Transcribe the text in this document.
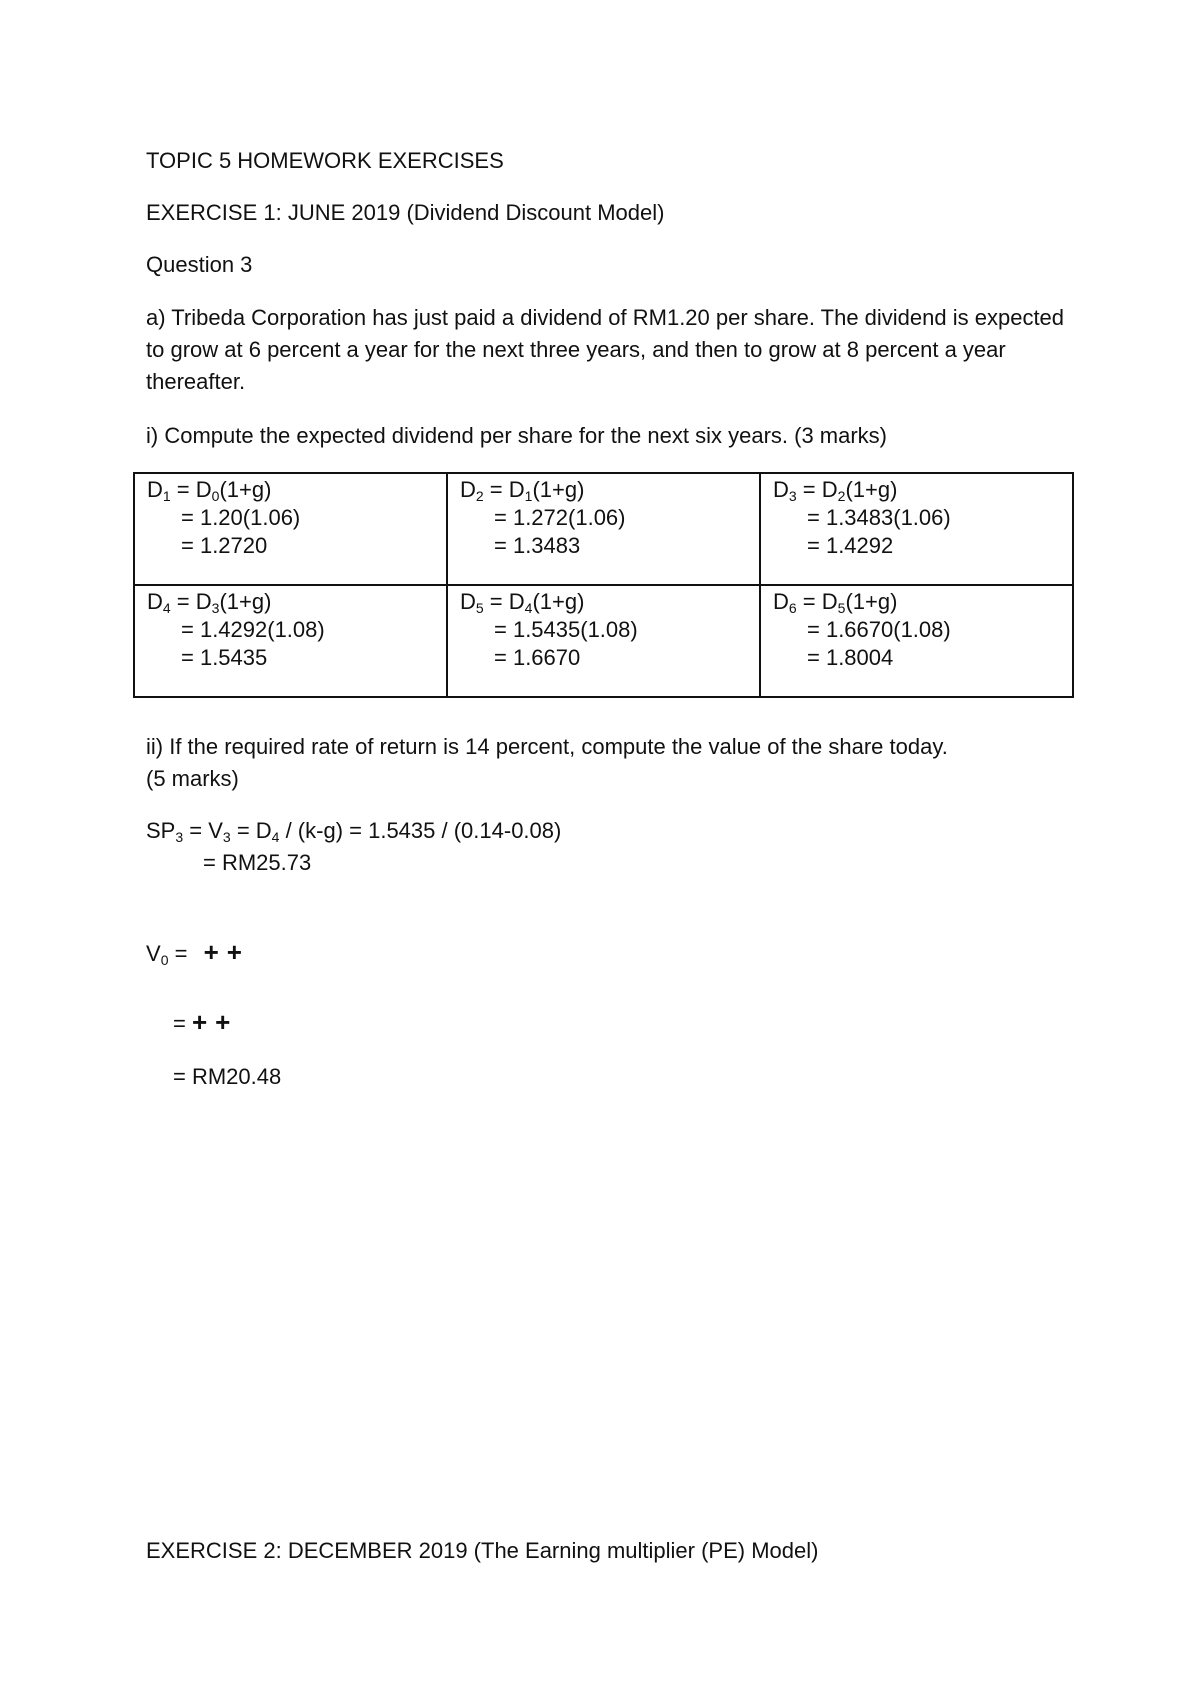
TOPIC 5 HOMEWORK EXERCISES
EXERCISE 1: JUNE 2019 (Dividend Discount Model)
Question 3
a) Tribeda Corporation has just paid a dividend of RM1.20 per share. The dividend is expected to grow at 6 percent a year for the next three years, and then to grow at 8 percent a year thereafter.
i) Compute the expected dividend per share for the next six years. (3 marks)
$D_1 = D_0(1+g)$
= 1.20(1.06)
= 1.2720	$D_2 = D_1(1+g)$
= 1.272(1.06)
= 1.3483	$D_3 = D_2(1+g)$
= 1.3483(1.06)
= 1.4292

$D_4 = D_3(1+g)$
= 1.4292(1.08)
= 1.5435	$D_5 = D_4(1+g)$
= 1.5435(1.08)
= 1.6670	$D_6 = D_5(1+g)$
= 1.6670(1.08)
= 1.8004
ii) If the required rate of return is 14 percent, compute the value of the share today.
(5 marks)
$SP_3 = V_3 = D_4 / (k-g) = 1.5435 / (0.14-0.08)$
= RM25.73
$V_0$ = + +
= + +
= RM20.48
EXERCISE 2: DECEMBER 2019 (The Earning multiplier (PE) Model)
